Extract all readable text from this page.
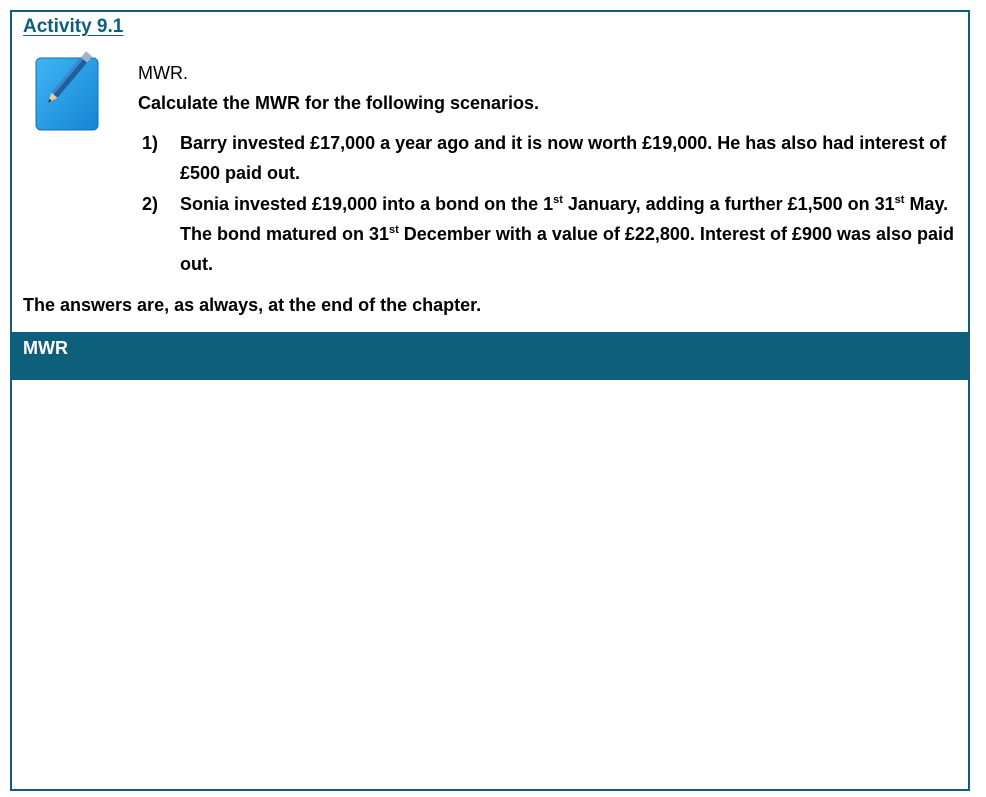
Activity 9.1
MWR.
Calculate the MWR for the following scenarios.
1) Barry invested £17,000 a year ago and it is now worth £19,000. He has also had interest of £500 paid out.
2) Sonia invested £19,000 into a bond on the 1st January, adding a further £1,500 on 31st May. The bond matured on 31st December with a value of £22,800. Interest of £900 was also paid out.
The answers are, as always, at the end of the chapter.
MWR
